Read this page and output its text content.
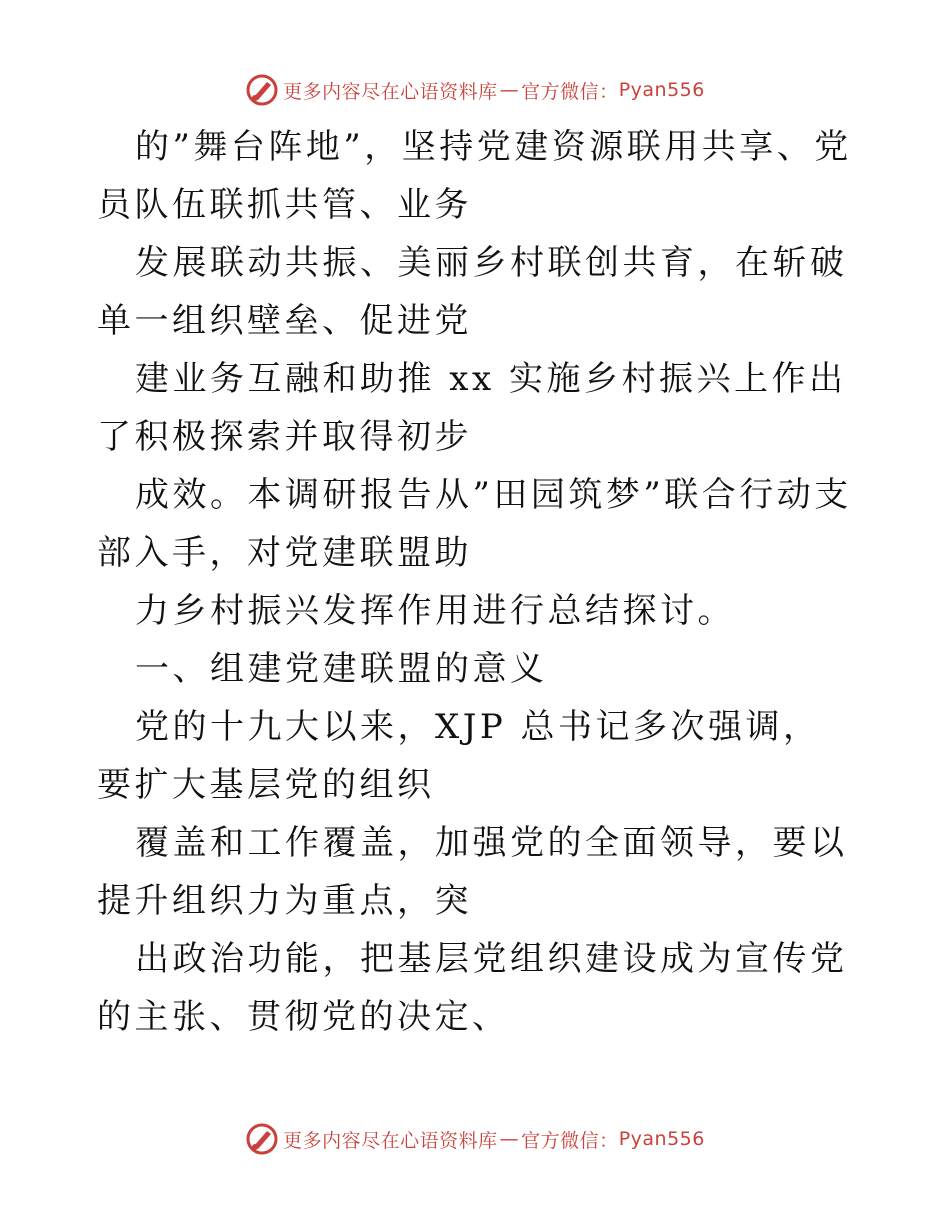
更多内容尽在心语资料库 — 官方微信： Pyan556

的”舞台阵地”，坚持党建资源联用共享、党员队伍联抓共管、业务

发展联动共振、美丽乡村联创共育，在斩破单一组织壁垒、促进党

建业务互融和助推 xx 实施乡村振兴上作出了积极探索并取得初步

成效。本调研报告从”田园筑梦”联合行动支部入手，对党建联盟助

力乡村振兴发挥作用进行总结探讨。

一、组建党建联盟的意义

党的十九大以来，XJP 总书记多次强调，要扩大基层党的组织

覆盖和工作覆盖，加强党的全面领导，要以提升组织力为重点，突

出政治功能，把基层党组织建设成为宣传党的主张、贯彻党的决定、

更多内容尽在心语资料库 — 官方微信： Pyan556
